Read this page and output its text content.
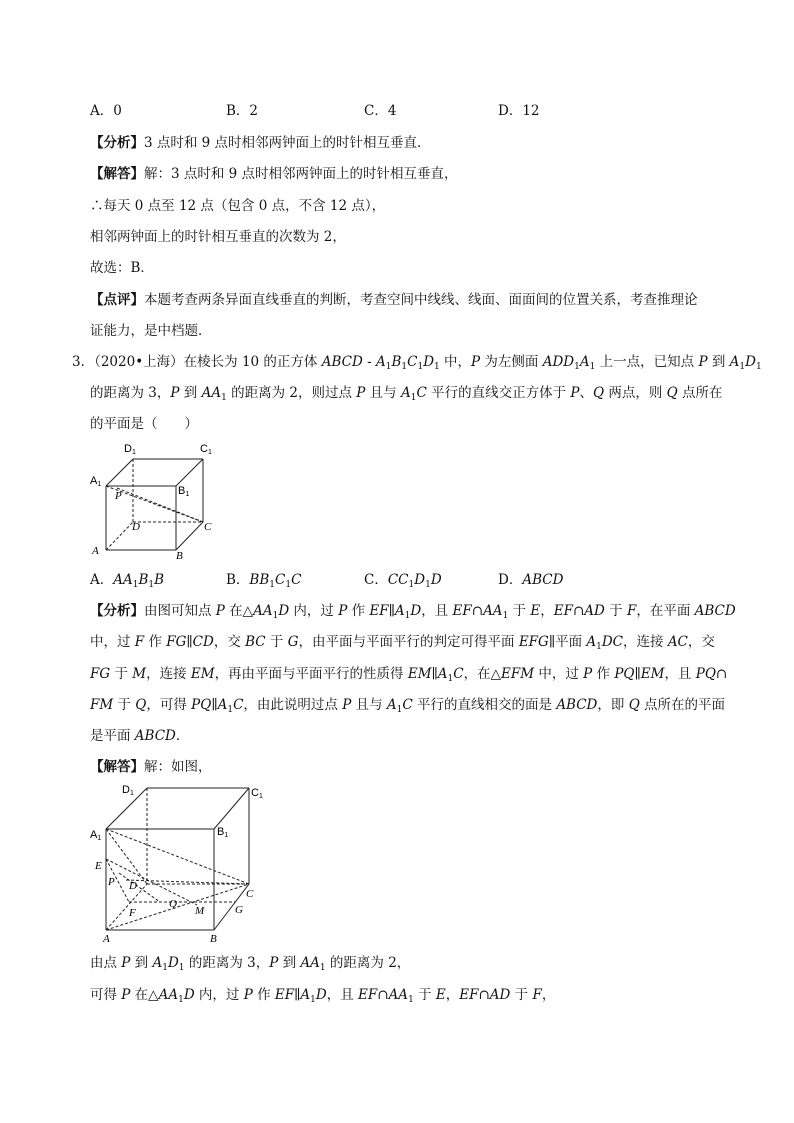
A．0	B．2	C．4	D．12
【分析】3 点时和 9 点时相邻两钟面上的时针相互垂直．
【解答】解：3 点时和 9 点时相邻两钟面上的时针相互垂直，
∴每天 0 点至 12 点（包含 0 点，不含 12 点），
相邻两钟面上的时针相互垂直的次数为 2，
故选：B．
【点评】本题考查两条异面直线垂直的判断，考查空间中线线、线面、面面间的位置关系，考查推理论
证能力，是中档题．
3．（2020•上海）在棱长为 10 的正方体 ABCD - $A_1B_1C_1D_1$ 中，P 为左侧面 $ADD_1A_1$ 上一点，已知点 P 到 $A_1D_1$
的距离为 3，P 到 $AA_1$ 的距离为 2，则过点 P 且与 $A_1C$ 平行的直线交正方体于 P、Q 两点，则 Q 点所在
的平面是（　　）
D1	C1
A1
B1
P
D	C
A	B
A．$AA_1B_1B$	B．$BB_1C_1C$	C．$CC_1D_1D$	D．ABCD
【分析】由图可知点 P 在$\triangle AA_1D$ 内，过 P 作 $EF\parallel A_1D$，且 $EF\cap AA_1$ 于 E，EF∩AD 于 F，在平面 ABCD
中，过 F 作 FG∥CD，交 BC 于 G，由平面与平面平行的判定可得平面 EFG∥平面 $A_1DC$，连接 AC，交
FG 于 M，连接 EM，再由平面与平面平行的性质得 $EM\parallel A_1C$，在△EFM 中，过 P 作 PQ∥EM，且 PQ∩
FM 于 Q，可得 $PQ\parallel A_1C$，由此说明过点 P 且与 $A_1C$ 平行的直线相交的面是 ABCD，即 Q 点所在的平面
是平面 ABCD．
【解答】解：如图，
D1	C1
A1
B1
E
P D
F
Q
M
C
G
A	B
由点 P 到 $A_1D_1$ 的距离为 3，P 到 $AA_1$ 的距离为 2，
可得 P 在$\triangle AA_1D$ 内，过 P 作 $EF\parallel A_1D$，且 $EF\cap AA_1$ 于 E，EF∩AD 于 F，
